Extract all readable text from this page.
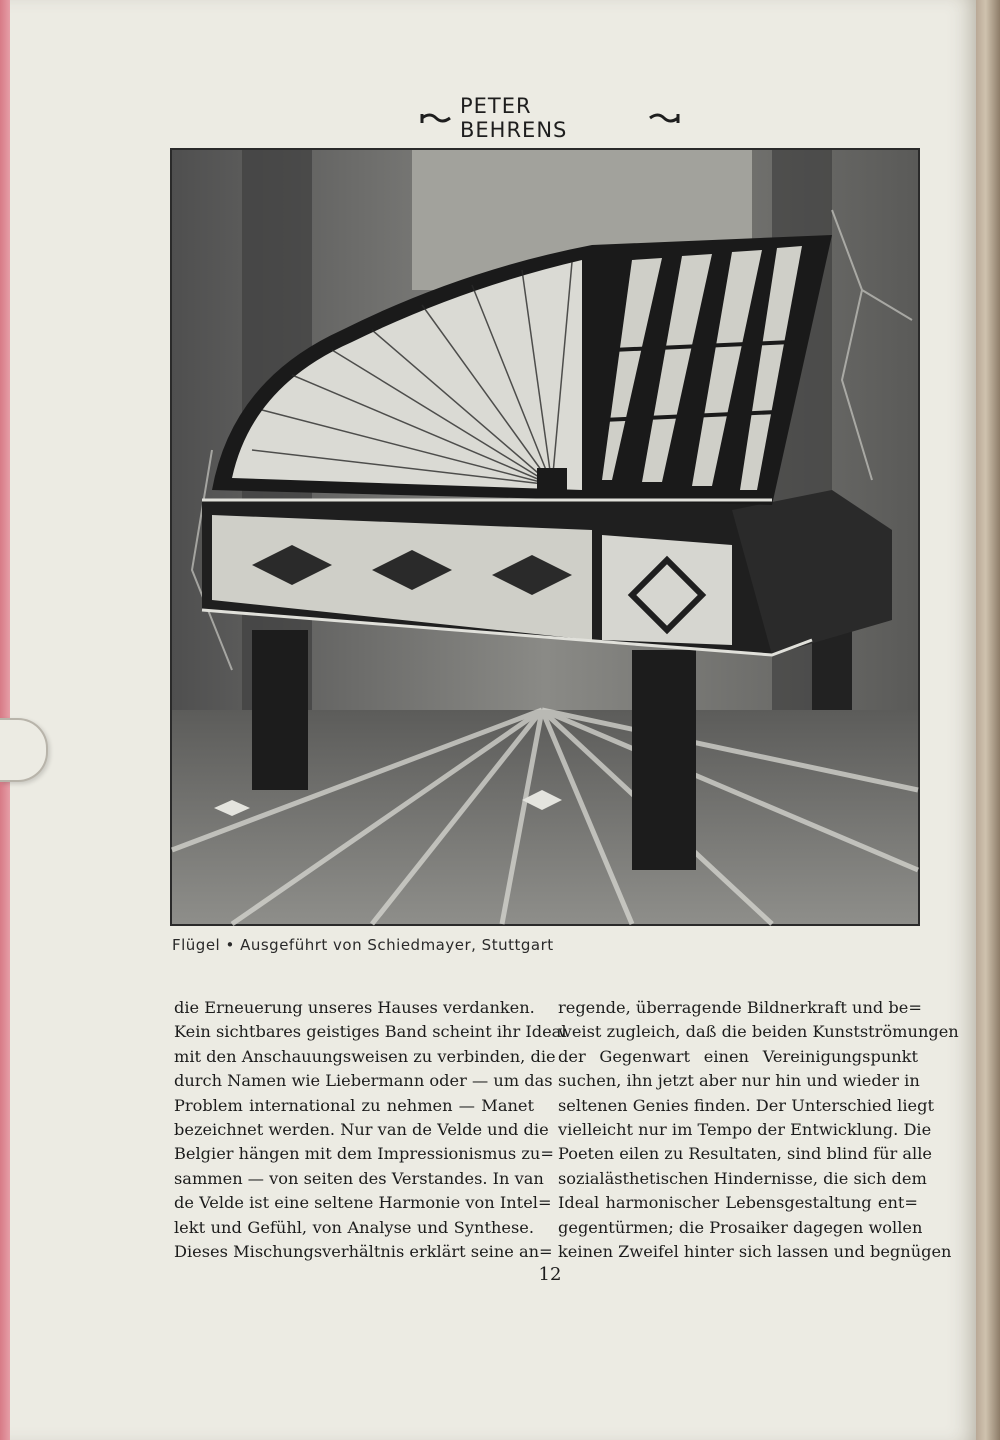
PETER BEHRENS
Flügel • Ausgeführt von Schiedmayer, Stuttgart
die Erneuerung unseres Hauses verdanken.
Kein sichtbares geistiges Band scheint ihr Ideal
mit den Anschauungsweisen zu verbinden, die
durch Namen wie Liebermann oder — um das
Problem international zu nehmen — Manet
bezeichnet werden. Nur van de Velde und die
Belgier hängen mit dem Impressionismus zu=
sammen — von seiten des Verstandes. In van
de Velde ist eine seltene Harmonie von Intel=
lekt und Gefühl, von Analyse und Synthese.
Dieses Mischungsverhältnis erklärt seine an=
regende, überragende Bildnerkraft und be=
weist zugleich, daß die beiden Kunstströmungen
der Gegenwart einen Vereinigungspunkt
suchen, ihn jetzt aber nur hin und wieder in
seltenen Genies finden. Der Unterschied liegt
vielleicht nur im Tempo der Entwicklung. Die
Poeten eilen zu Resultaten, sind blind für alle
sozialästhetischen Hindernisse, die sich dem
Ideal harmonischer Lebensgestaltung ent=
gegentürmen; die Prosaiker dagegen wollen
keinen Zweifel hinter sich lassen und begnügen
12
